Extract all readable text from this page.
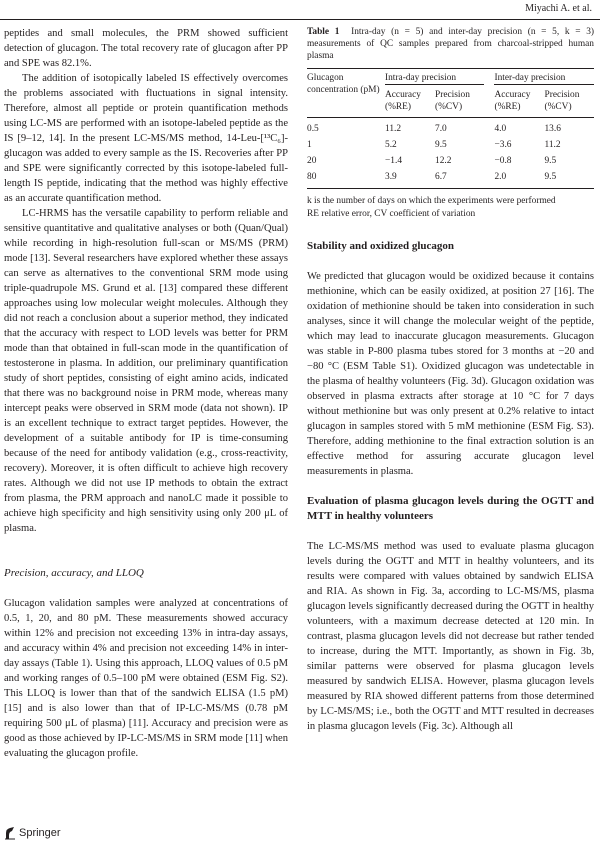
Miyachi A. et al.

peptides and small molecules, the PRM showed sufficient detection of glucagon. The total recovery rate of glucagon after PP and SPE was 82.1%.

The addition of isotopically labeled IS effectively overcomes the problems associated with fluctuations in signal intensity. Therefore, almost all peptide or protein quantification methods using LC-MS are performed with an isotope-labeled peptide as the IS [9–12, 14]. In the present LC-MS/MS method, 14-Leu-[¹³C₆]-glucagon was added to every sample as the IS. Recoveries after PP and SPE were significantly corrected by this isotope-labeled full-length IS peptide, indicating that the method was highly effective as an accurate quantification method.

LC-HRMS has the versatile capability to perform reliable and sensitive quantitative and qualitative analyses or both (Quan/Qual) while recording in high-resolution full-scan or MS/MS (PRM) mode [13]. Several researchers have explored whether these assays can serve as alternatives to the conventional SRM mode using triple-quadrupole MS. Grund et al. [13] compared these different approaches using low molecular weight molecules. Although they did not reach a conclusion about a superior method, they indicated that the accuracy with respect to LOD levels was better for PRM mode than that obtained in full-scan mode in the quantification of testosterone in plasma. In addition, our preliminary quantification study of short peptides, consisting of eight amino acids, indicated that there was no background noise in PRM mode, whereas many intercept peaks were observed in SRM mode (data not shown). IP is an excellent technique to extract target peptides. However, the development of a suitable antibody for IP is time-consuming because of the need for antibody validation (e.g., cross-reactivity, recovery). Moreover, it is often difficult to achieve high recovery rates. Although we did not use IP methods to obtain the extract from plasma, the PRM approach and nanoLC made it possible to achieve high specificity and high sensitivity using only 200 μL of plasma.

Precision, accuracy, and LLOQ

Glucagon validation samples were analyzed at concentrations of 0.5, 1, 20, and 80 pM. These measurements showed accuracy within 12% and precision not exceeding 13% in intra-day assays, and accuracy within 4% and precision not exceeding 14% in inter-day assays (Table 1). Using this approach, LLOQ values of 0.5 pM and working ranges of 0.5–100 pM were obtained (ESM Fig. S2). This LLOQ is lower than that of the sandwich ELISA (1.5 pM) [15] and is also lower than that of IP-LC-MS/MS (0.78 pM requiring 500 μL of plasma) [11]. Accuracy and precision were as good as those achieved by IP-LC-MS/MS in SRM mode [11] when evaluating the glucagon profile.

Table 1 Intra-day (n = 5) and inter-day precision (n = 5, k = 3) measurements of QC samples prepared from charcoal-stripped human plasma
Glucagon concentration (pM)	Intra-day precision			Inter-day precision	
	Accuracy (%RE)	Precision (%CV)		Accuracy (%RE)	Precision (%CV)
0.5	11.2	7.0		4.0	13.6
1	5.2	9.5		−3.6	11.2
20	−1.4	12.2		−0.8	9.5
80	3.9	6.7		2.0	9.5
k is the number of days on which the experiments were performed
RE relative error, CV coefficient of variation
Stability and oxidized glucagon

We predicted that glucagon would be oxidized because it contains methionine, which can be easily oxidized, at position 27 [16]. The oxidation of methionine should be taken into consideration in such analyses, since it will change the molecular weight of the peptide, which may lead to inaccurate glucagon measurements. Glucagon was stable in P-800 plasma tubes stored for 3 months at −20 and −80 °C (ESM Table S1). Oxidized glucagon was undetectable in the plasma of healthy volunteers (Fig. 3d). Glucagon oxidation was observed in plasma extracts after storage at 10 °C for 7 days without methionine but was only present at 0.2% relative to intact glucagon in samples stored with 5 mM methionine (ESM Fig. S3). Therefore, adding methionine to the final extraction solution is an effective method for assuring accurate glucagon level measurements in plasma.

Evaluation of plasma glucagon levels during the OGTT and MTT in healthy volunteers

The LC-MS/MS method was used to evaluate plasma glucagon levels during the OGTT and MTT in healthy volunteers, and its results were compared with values obtained by sandwich ELISA and RIA. As shown in Fig. 3a, according to LC-MS/MS, plasma glucagon levels significantly decreased during the OGTT in healthy volunteers, with a maximum decrease detected at 120 min. In contrast, plasma glucagon levels did not decrease but rather tended to increase, during the MTT. Importantly, as shown in Fig. 3b, similar patterns were observed for plasma glucagon levels measured by sandwich ELISA. However, plasma glucagon levels measured by RIA showed different patterns from those determined by LC-MS/MS; i.e., both the OGTT and MTT resulted in decreases in plasma glucagon levels (Fig. 3c). Although all

Springer
